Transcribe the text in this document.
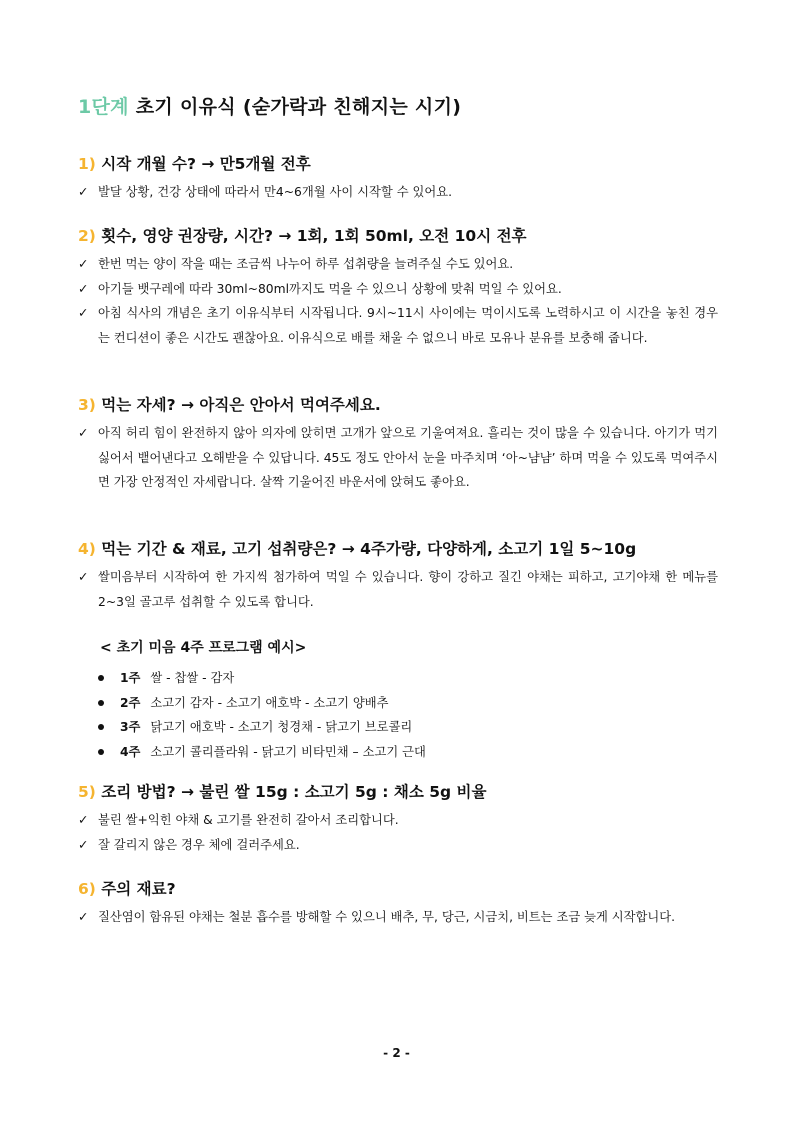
1단계 초기 이유식 (숟가락과 친해지는 시기)
1) 시작 개월 수? → 만5개월 전후
✓ 발달 상황, 건강 상태에 따라서 만4~6개월 사이 시작할 수 있어요.
2) 횟수, 영양 권장량, 시간? → 1회, 1회 50ml, 오전 10시 전후
✓ 한번 먹는 양이 작을 때는 조금씩 나누어 하루 섭취량을 늘려주실 수도 있어요.
✓ 아기들 뱃구레에 따라 30ml~80ml까지도 먹을 수 있으니 상황에 맞춰 먹일 수 있어요.
✓ 아침 식사의 개념은 초기 이유식부터 시작됩니다. 9시~11시 사이에는 먹이시도록 노력하시고 이 시간을 놓친 경우는 컨디션이 좋은 시간도 괜찮아요. 이유식으로 배를 채울 수 없으니 바로 모유나 분유를 보충해 줍니다.
3) 먹는 자세? → 아직은 안아서 먹여주세요.
✓ 아직 허리 힘이 완전하지 않아 의자에 앉히면 고개가 앞으로 기울여져요. 흘리는 것이 많을 수 있습니다. 아기가 먹기 싫어서 뱉어낸다고 오해받을 수 있답니다. 45도 정도 안아서 눈을 마주치며 ‘아~냠냠’ 하며 먹을 수 있도록 먹여주시면 가장 안정적인 자세랍니다. 살짝 기울어진 바운서에 앉혀도 좋아요.
4) 먹는 기간 & 재료, 고기 섭취량은? → 4주가량, 다양하게, 소고기 1일 5~10g
✓ 쌀미음부터 시작하여 한 가지씩 첨가하여 먹일 수 있습니다. 향이 강하고 질긴 야채는 피하고, 고기야채 한 메뉴를 2~3일 골고루 섭취할 수 있도록 합니다.
< 초기 미음 4주 프로그램 예시>
1주 쌀 - 찹쌀 - 감자
2주 소고기 감자 - 소고기 애호박 - 소고기 양배추
3주 닭고기 애호박 - 소고기 청경채 - 닭고기 브로콜리
4주 소고기 콜리플라워 - 닭고기 비타민채 – 소고기 근대
5) 조리 방법? → 불린 쌀 15g : 소고기 5g : 채소 5g 비율
✓ 불린 쌀+익힌 야채 & 고기를 완전히 갈아서 조리합니다.
✓ 잘 갈리지 않은 경우 체에 걸러주세요.
6) 주의 재료?
✓ 질산염이 함유된 야채는 철분 흡수를 방해할 수 있으니 배추, 무, 당근, 시금치, 비트는 조금 늦게 시작합니다.
- 2 -
